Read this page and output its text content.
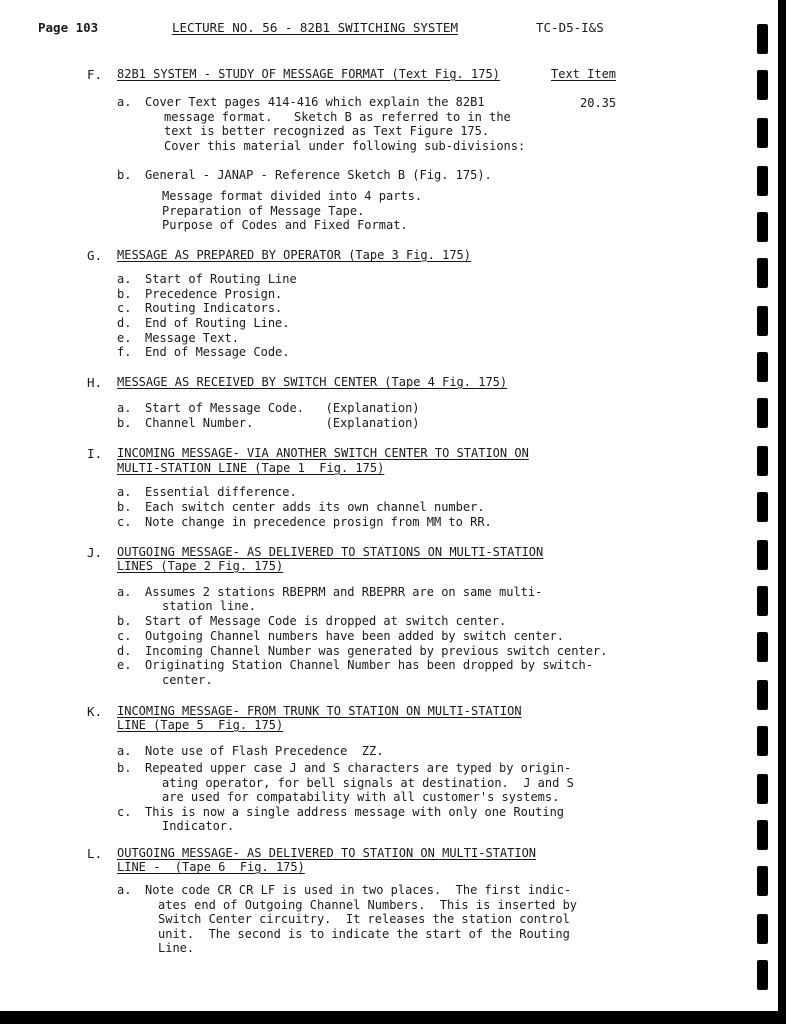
Page 103	LECTURE NO. 56 - 82B1 SWITCHING SYSTEM	TC-D5-I&S
F. 82B1 SYSTEM - STUDY OF MESSAGE FORMAT (Text Fig. 175)	Text Item
20.35
a. Cover Text pages 414-416 which explain the 82B1
message format.   Sketch B as referred to in the
text is better recognized as Text Figure 175.
Cover this material under following sub-divisions:
b. General - JANAP - Reference Sketch B (Fig. 175).
Message format divided into 4 parts.
Preparation of Message Tape.
Purpose of Codes and Fixed Format.
G. MESSAGE AS PREPARED BY OPERATOR (Tape 3 Fig. 175)
a. Start of Routing Line
b. Precedence Prosign.
c. Routing Indicators.
d. End of Routing Line.
e. Message Text.
f. End of Message Code.
H. MESSAGE AS RECEIVED BY SWITCH CENTER (Tape 4 Fig. 175)
a. Start of Message Code.   (Explanation)
b. Channel Number.          (Explanation)
I. INCOMING MESSAGE- VIA ANOTHER SWITCH CENTER TO STATION ON
MULTI-STATION LINE (Tape 1  Fig. 175)
a. Essential difference.
b. Each switch center adds its own channel number.
c. Note change in precedence prosign from MM to RR.
J. OUTGOING MESSAGE- AS DELIVERED TO STATIONS ON MULTI-STATION
LINES (Tape 2 Fig. 175)
a. Assumes 2 stations RBEPRM and RBEPRR are on same multi-
station line.
b. Start of Message Code is dropped at switch center.
c. Outgoing Channel numbers have been added by switch center.
d. Incoming Channel Number was generated by previous switch center.
e. Originating Station Channel Number has been dropped by switch-
center.
K. INCOMING MESSAGE- FROM TRUNK TO STATION ON MULTI-STATION
LINE (Tape 5  Fig. 175)
a. Note use of Flash Precedence  ZZ.
b. Repeated upper case J and S characters are typed by origin-
ating operator, for bell signals at destination.  J and S
are used for compatability with all customer's systems.
c. This is now a single address message with only one Routing
Indicator.
L. OUTGOING MESSAGE- AS DELIVERED TO STATION ON MULTI-STATION
LINE -  (Tape 6  Fig. 175)
a. Note code CR CR LF is used in two places.  The first indic-
ates end of Outgoing Channel Numbers.  This is inserted by
Switch Center circuitry.  It releases the station control
unit.  The second is to indicate the start of the Routing
Line.
